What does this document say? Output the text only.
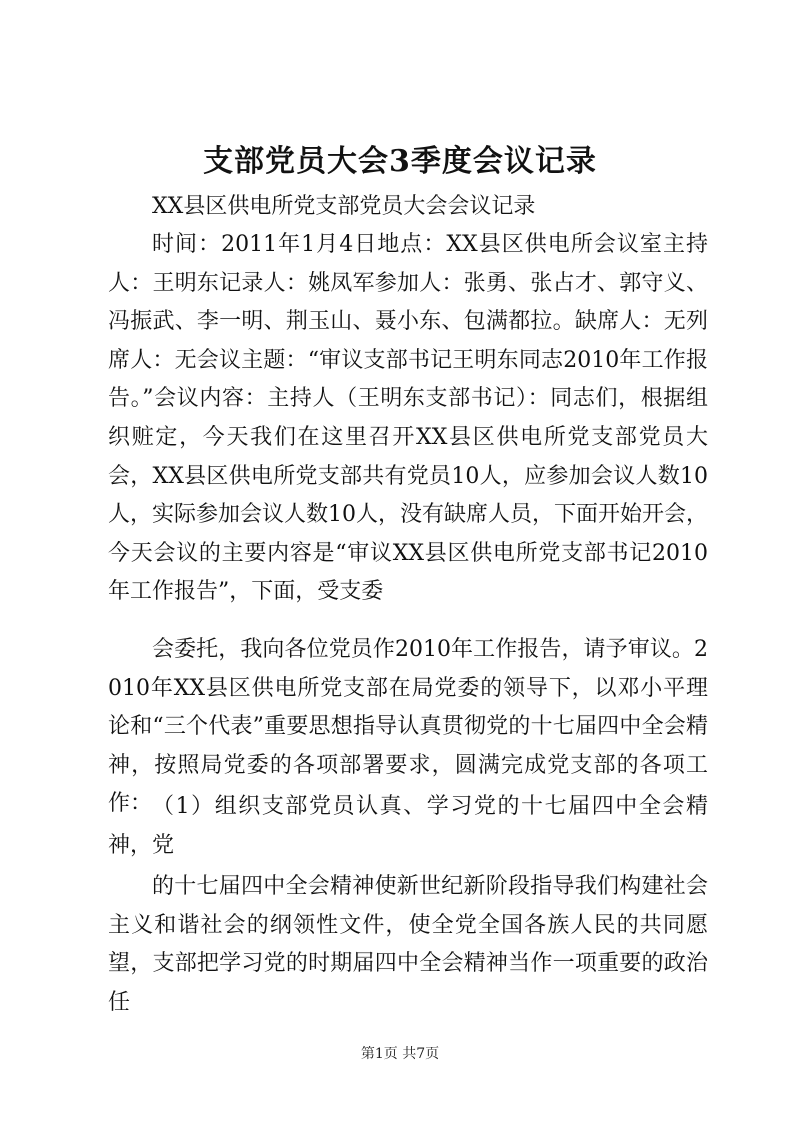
支部党员大会3季度会议记录

XX县区供电所党支部党员大会会议记录

时间：2011年1月4日地点：XX县区供电所会议室主持人：王明东记录人：姚凤军参加人：张勇、张占才、郭守义、冯振武、李一明、荆玉山、聂小东、包满都拉。缺席人：无列席人：无会议主题：“审议支部书记王明东同志2010年工作报告。”会议内容：主持人（王明东支部书记）：同志们，根据组织赃定，今天我们在这里召开XX县区供电所党支部党员大会，XX县区供电所党支部共有党员10人，应参加会议人数10人，实际参加会议人数10人，没有缺席人员，下面开始开会，今天会议的主要内容是“审议XX县区供电所党支部书记2010年工作报告”，下面，受支委

会委托，我向各位党员作2010年工作报告，请予审议。2010年XX县区供电所党支部在局党委的领导下，以邓小平理论和“三个代表”重要思想指导认真贯彻党的十七届四中全会精神，按照局党委的各项部署要求，圆满完成党支部的各项工作： （1）组织支部党员认真、学习党的十七届四中全会精神，党

的十七届四中全会精神使新世纪新阶段指导我们构建社会主义和谐社会的纲领性文件，使全党全国各族人民的共同愿望，支部把学习党的时期届四中全会精神当作一项重要的政治任

第1页 共7页
